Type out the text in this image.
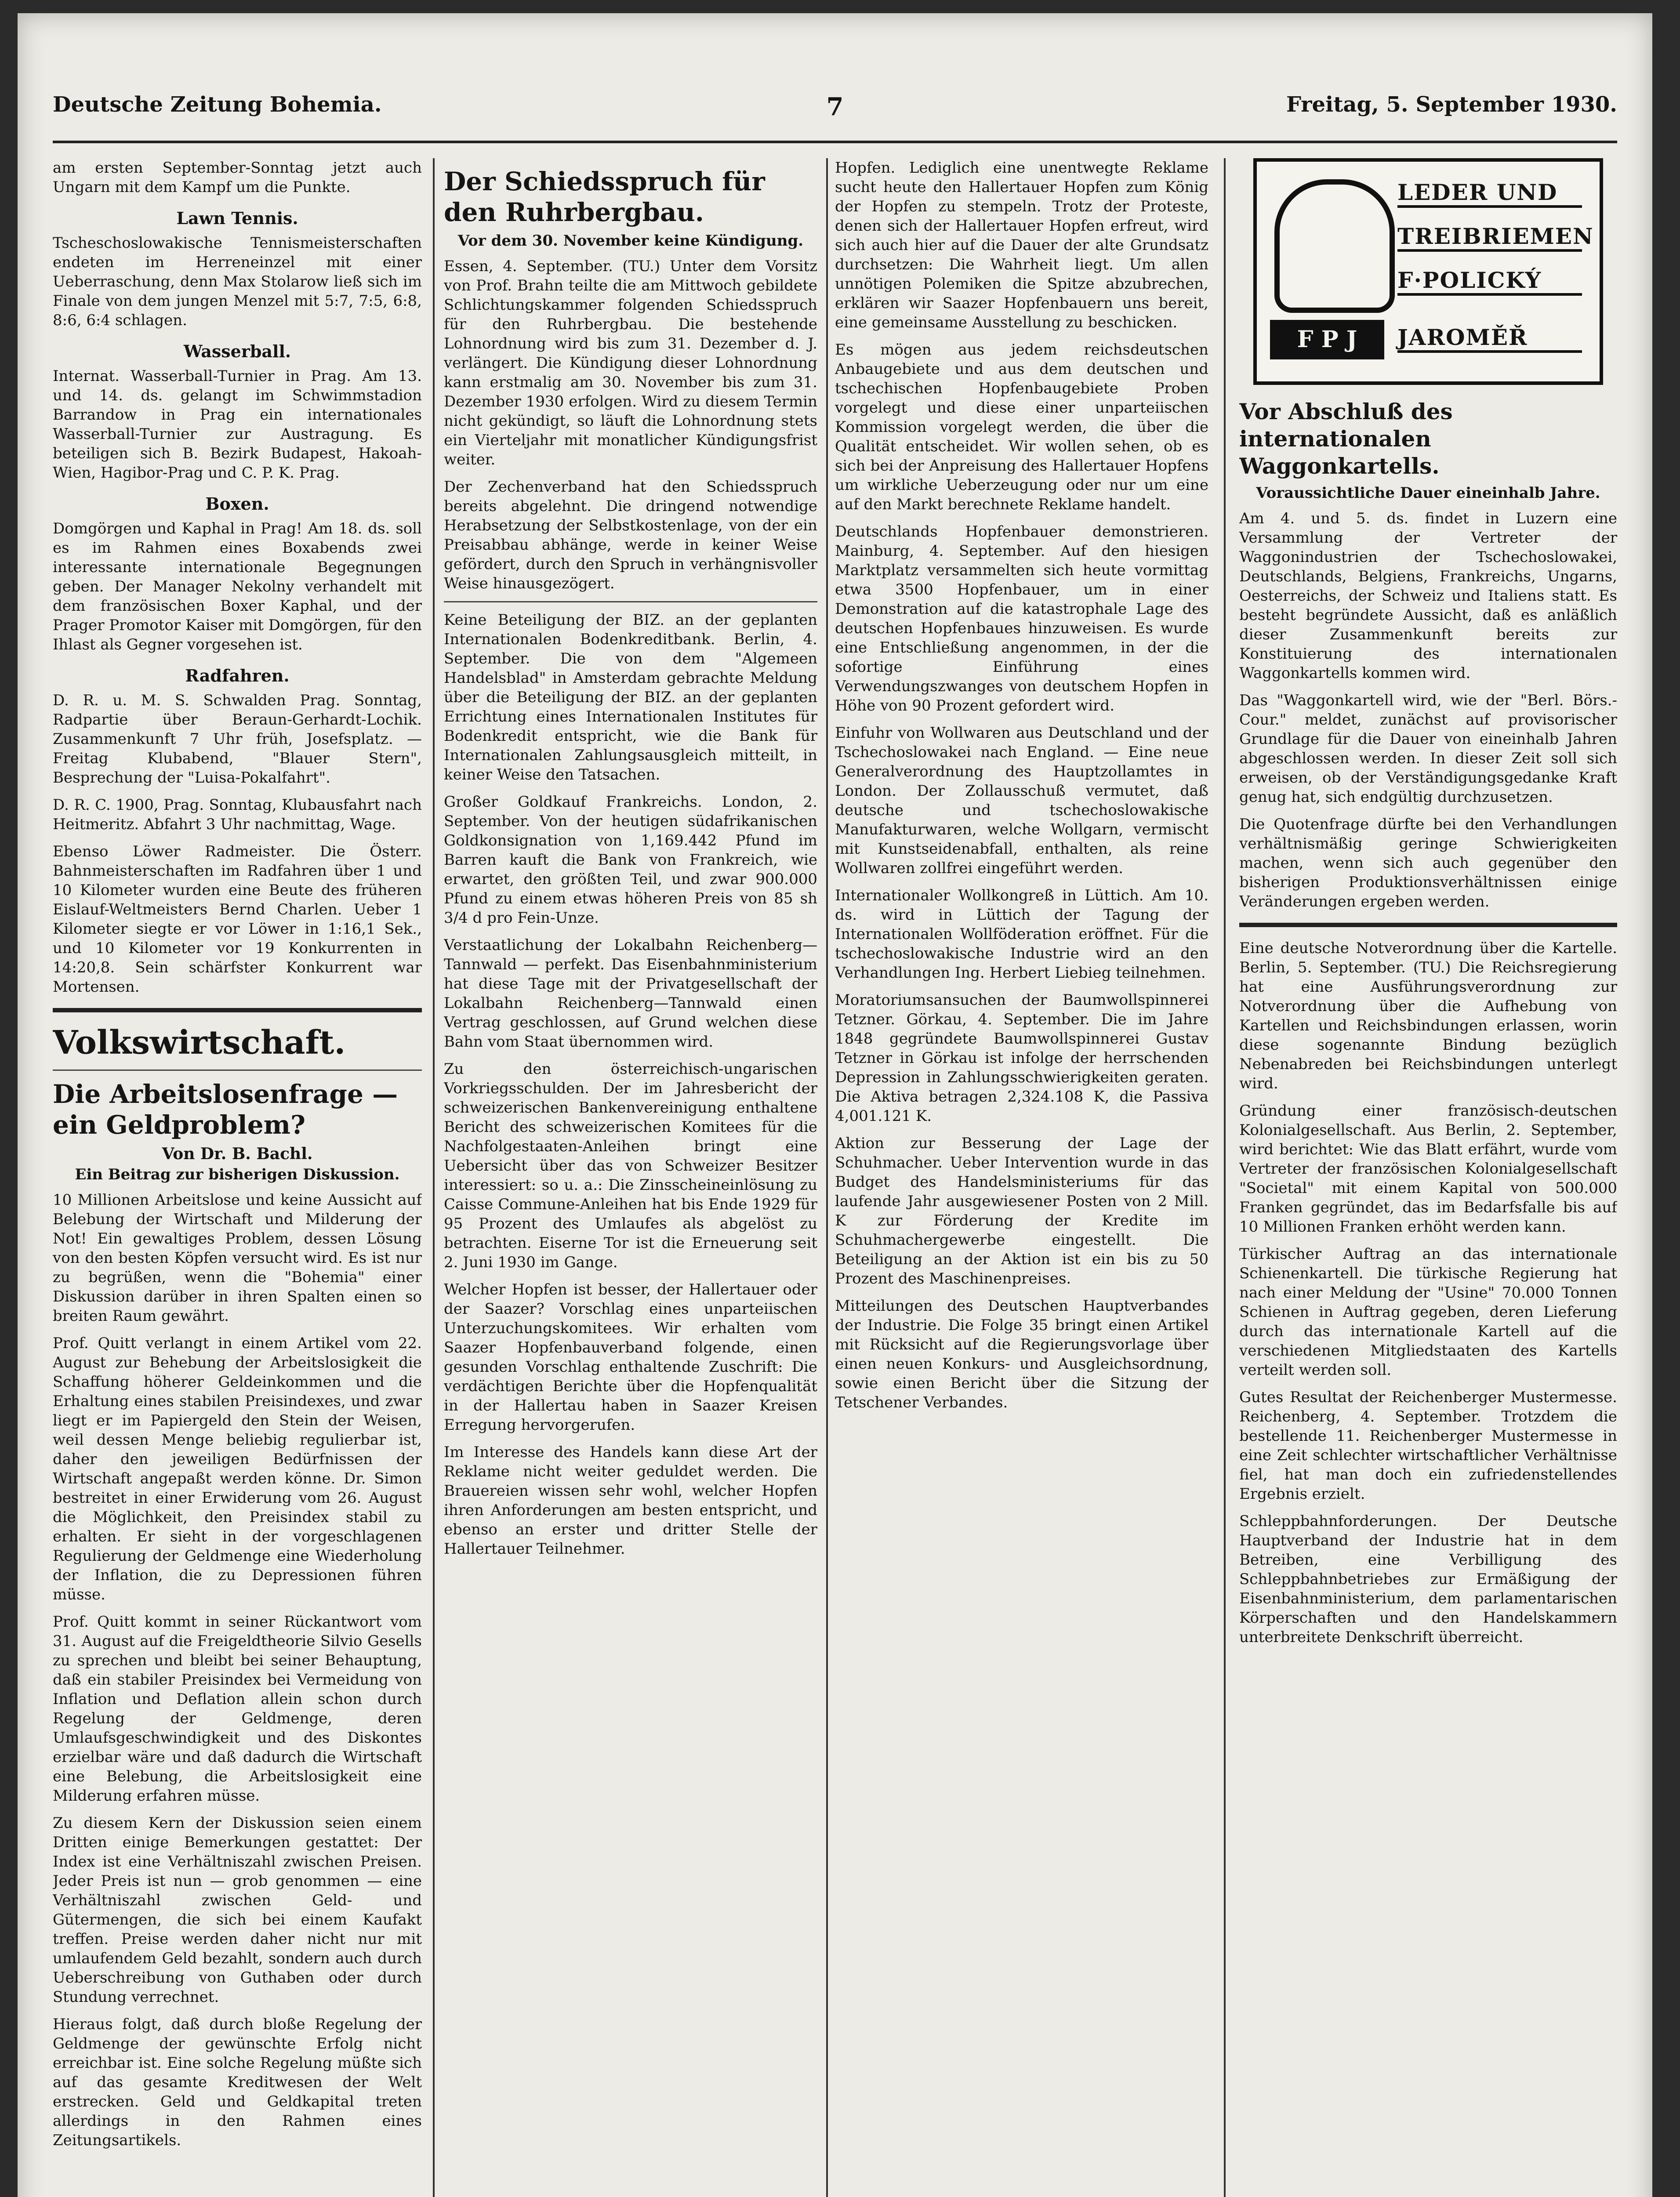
Deutsche Zeitung Bohemia.	7	Freitag, 5. September 1930.

am ersten September-Sonntag jetzt auch Ungarn mit dem Kampf um die Punkte.

Lawn Tennis.

Tscheschoslowakische Tennismeisterschaften endeten im Herreneinzel mit einer Ueberraschung, denn Max Stolarow ließ sich im Finale von dem jungen Menzel mit 5:7, 7:5, 6:8, 8:6, 6:4 schlagen.

Wasserball.

Internat. Wasserball-Turnier in Prag. Am 13. und 14. ds. gelangt im Schwimmstadion Barrandow in Prag ein internationales Wasserball-Turnier zur Austragung. Es beteiligen sich B. Bezirk Budapest, Hakoah-Wien, Hagibor-Prag und C. P. K. Prag.

Boxen.

Domgörgen und Kaphal in Prag! Am 18. ds. soll es im Rahmen eines Boxabends zwei interessante internationale Begegnungen geben. Der Manager Nekolny verhandelt mit dem französischen Boxer Kaphal, und der Prager Promotor Kaiser mit Domgörgen, für den Ihlast als Gegner vorgesehen ist.

Radfahren.

D. R. u. M. S. Schwalden Prag. Sonntag, Radpartie über Beraun-Gerhardt-Lochik. Zusammenkunft 7 Uhr früh, Josefsplatz. — Freitag Klubabend, "Blauer Stern", Besprechung der "Luisa-Pokalfahrt".

D. R. C. 1900, Prag. Sonntag, Klubausfahrt nach Heitmeritz. Abfahrt 3 Uhr nachmittag, Wage.

Ebenso Löwer Radmeister. Die Österr. Bahnmeisterschaften im Radfahren über 1 und 10 Kilometer wurden eine Beute des früheren Eislauf-Weltmeisters Bernd Charlen. Ueber 1 Kilometer siegte er vor Löwer in 1:16,1 Sek., und 10 Kilometer vor 19 Konkurrenten in 14:20,8. Sein schärfster Konkurrent war Mortensen.

Volkswirtschaft.
Die Arbeitslosenfrage — ein Geldproblem?
Von Dr. B. Bachl.
Ein Beitrag zur bisherigen Diskussion.

10 Millionen Arbeitslose und keine Aussicht auf Belebung der Wirtschaft und Milderung der Not! Ein gewaltiges Problem, dessen Lösung von den besten Köpfen versucht wird. Es ist nur zu begrüßen, wenn die "Bohemia" einer Diskussion darüber in ihren Spalten einen so breiten Raum gewährt.

Prof. Quitt verlangt in einem Artikel vom 22. August zur Behebung der Arbeitslosigkeit die Schaffung höherer Geldeinkommen und die Erhaltung eines stabilen Preisindexes, und zwar liegt er im Papiergeld den Stein der Weisen, weil dessen Menge beliebig regulierbar ist, daher den jeweiligen Bedürfnissen der Wirtschaft angepaßt werden könne. Dr. Simon bestreitet in einer Erwiderung vom 26. August die Möglichkeit, den Preisindex stabil zu erhalten. Er sieht in der vorgeschlagenen Regulierung der Geldmenge eine Wiederholung der Inflation, die zu Depressionen führen müsse.

Prof. Quitt kommt in seiner Rückantwort vom 31. August auf die Freigeldtheorie Silvio Gesells zu sprechen und bleibt bei seiner Behauptung, daß ein stabiler Preisindex bei Vermeidung von Inflation und Deflation allein schon durch Regelung der Geldmenge, deren Umlaufsgeschwindigkeit und des Diskontes erzielbar wäre und daß dadurch die Wirtschaft eine Belebung, die Arbeitslosigkeit eine Milderung erfahren müsse.

Zu diesem Kern der Diskussion seien einem Dritten einige Bemerkungen gestattet: Der Index ist eine Verhältniszahl zwischen Preisen. Jeder Preis ist nun — grob genommen — eine Verhältniszahl zwischen Geld- und Gütermengen, die sich bei einem Kaufakt treffen. Preise werden daher nicht nur mit umlaufendem Geld bezahlt, sondern auch durch Ueberschreibung von Guthaben oder durch Stundung verrechnet.

Hieraus folgt, daß durch bloße Regelung der Geldmenge der gewünschte Erfolg nicht erreichbar ist. Eine solche Regelung müßte sich auf das gesamte Kreditwesen der Welt erstrecken. Geld und Geldkapital treten allerdings in den Rahmen eines Zeitungsartikels.

Der Schiedsspruch für den Ruhrbergbau.
Vor dem 30. November keine Kündigung.

Essen, 4. September. (TU.) Unter dem Vorsitz von Prof. Brahn teilte die am Mittwoch gebildete Schlichtungskammer folgenden Schiedsspruch für den Ruhrbergbau. Die bestehende Lohnordnung wird bis zum 31. Dezember d. J. verlängert. Die Kündigung dieser Lohnordnung kann erstmalig am 30. November bis zum 31. Dezember 1930 erfolgen. Wird zu diesem Termin nicht gekündigt, so läuft die Lohnordnung stets ein Vierteljahr mit monatlicher Kündigungsfrist weiter.

Der Zechenverband hat den Schiedsspruch bereits abgelehnt. Die dringend notwendige Herabsetzung der Selbstkostenlage, von der ein Preisabbau abhänge, werde in keiner Weise gefördert, durch den Spruch in verhängnisvoller Weise hinausgezögert.

Keine Beteiligung der BIZ. an der geplanten Internationalen Bodenkreditbank. Berlin, 4. September. Die von dem "Algemeen Handelsblad" in Amsterdam gebrachte Meldung über die Beteiligung der BIZ. an der geplanten Errichtung eines Internationalen Institutes für Bodenkredit entspricht, wie die Bank für Internationalen Zahlungsausgleich mitteilt, in keiner Weise den Tatsachen.

Großer Goldkauf Frankreichs. London, 2. September. Von der heutigen südafrikanischen Goldkonsignation von 1,169.442 Pfund im Barren kauft die Bank von Frankreich, wie erwartet, den größten Teil, und zwar 900.000 Pfund zu einem etwas höheren Preis von 85 sh 3/4 d pro Fein-Unze.

Verstaatlichung der Lokalbahn Reichenberg—Tannwald — perfekt. Das Eisenbahnministerium hat diese Tage mit der Privatgesellschaft der Lokalbahn Reichenberg—Tannwald einen Vertrag geschlossen, auf Grund welchen diese Bahn vom Staat übernommen wird.

Zu den österreichisch-ungarischen Vorkriegsschulden. Der im Jahresbericht der schweizerischen Bankenvereinigung enthaltene Bericht des schweizerischen Komitees für die Nachfolgestaaten-Anleihen bringt eine Uebersicht über das von Schweizer Besitzer interessiert: so u. a.: Die Zinsscheineinlösung zu Caisse Commune-Anleihen hat bis Ende 1929 für 95 Prozent des Umlaufes als abgelöst zu betrachten. Eiserne Tor ist die Erneuerung seit 2. Juni 1930 im Gange.

Welcher Hopfen ist besser, der Hallertauer oder der Saazer? Vorschlag eines unparteiischen Unterzuchungskomitees. Wir erhalten vom Saazer Hopfenbauverband folgende, einen gesunden Vorschlag enthaltende Zuschrift: Die verdächtigen Berichte über die Hopfenqualität in der Hallertau haben in Saazer Kreisen Erregung hervorgerufen.

Im Interesse des Handels kann diese Art der Reklame nicht weiter geduldet werden. Die Brauereien wissen sehr wohl, welcher Hopfen ihren Anforderungen am besten entspricht, und ebenso an erster und dritter Stelle der Hallertauer Teilnehmer.

Hopfen. Lediglich eine unentwegte Reklame sucht heute den Hallertauer Hopfen zum König der Hopfen zu stempeln. Trotz der Proteste, denen sich der Hallertauer Hopfen erfreut, wird sich auch hier auf die Dauer der alte Grundsatz durchsetzen: Die Wahrheit liegt. Um allen unnötigen Polemiken die Spitze abzubrechen, erklären wir Saazer Hopfenbauern uns bereit, eine gemeinsame Ausstellung zu beschicken.

Es mögen aus jedem reichsdeutschen Anbaugebiete und aus dem deutschen und tschechischen Hopfenbaugebiete Proben vorgelegt und diese einer unparteiischen Kommission vorgelegt werden, die über die Qualität entscheidet. Wir wollen sehen, ob es sich bei der Anpreisung des Hallertauer Hopfens um wirkliche Ueberzeugung oder nur um eine auf den Markt berechnete Reklame handelt.

Deutschlands Hopfenbauer demonstrieren. Mainburg, 4. September. Auf den hiesigen Marktplatz versammelten sich heute vormittag etwa 3500 Hopfenbauer, um in einer Demonstration auf die katastrophale Lage des deutschen Hopfenbaues hinzuweisen. Es wurde eine Entschließung angenommen, in der die sofortige Einführung eines Verwendungszwanges von deutschem Hopfen in Höhe von 90 Prozent gefordert wird.

Einfuhr von Wollwaren aus Deutschland und der Tschechoslowakei nach England. — Eine neue Generalverordnung des Hauptzollamtes in London. Der Zollausschuß vermutet, daß deutsche und tschechoslowakische Manufakturwaren, welche Wollgarn, vermischt mit Kunstseidenabfall, enthalten, als reine Wollwaren zollfrei eingeführt werden.

Internationaler Wollkongreß in Lüttich. Am 10. ds. wird in Lüttich der Tagung der Internationalen Wollföderation eröffnet. Für die tschechoslowakische Industrie wird an den Verhandlungen Ing. Herbert Liebieg teilnehmen.

Moratoriumsansuchen der Baumwollspinnerei Tetzner. Görkau, 4. September. Die im Jahre 1848 gegründete Baumwollspinnerei Gustav Tetzner in Görkau ist infolge der herrschenden Depression in Zahlungsschwierigkeiten geraten. Die Aktiva betragen 2,324.108 K, die Passiva 4,001.121 K.

Aktion zur Besserung der Lage der Schuhmacher. Ueber Intervention wurde in das Budget des Handelsministeriums für das laufende Jahr ausgewiesener Posten von 2 Mill. K zur Förderung der Kredite im Schuhmachergewerbe eingestellt. Die Beteiligung an der Aktion ist ein bis zu 50 Prozent des Maschinenpreises.

Mitteilungen des Deutschen Hauptverbandes der Industrie. Die Folge 35 bringt einen Artikel mit Rücksicht auf die Regierungsvorlage über einen neuen Konkurs- und Ausgleichsordnung, sowie einen Bericht über die Sitzung der Tetschener Verbandes.

LEDER UND
TREIBRIEMEN
F·POLICKÝ
F P J	JAROMĚŘ
Vor Abschluß des internationalen Waggonkartells.
Voraussichtliche Dauer eineinhalb Jahre.

Am 4. und 5. ds. findet in Luzern eine Versammlung der Vertreter der Waggonindustrien der Tschechoslowakei, Deutschlands, Belgiens, Frankreichs, Ungarns, Oesterreichs, der Schweiz und Italiens statt. Es besteht begründete Aussicht, daß es anläßlich dieser Zusammenkunft bereits zur Konstituierung des internationalen Waggonkartells kommen wird.

Das "Waggonkartell wird, wie der "Berl. Börs.-Cour." meldet, zunächst auf provisorischer Grundlage für die Dauer von eineinhalb Jahren abgeschlossen werden. In dieser Zeit soll sich erweisen, ob der Verständigungsgedanke Kraft genug hat, sich endgültig durchzusetzen.

Die Quotenfrage dürfte bei den Verhandlungen verhältnismäßig geringe Schwierigkeiten machen, wenn sich auch gegenüber den bisherigen Produktionsverhältnissen einige Veränderungen ergeben werden.

Eine deutsche Notverordnung über die Kartelle. Berlin, 5. September. (TU.) Die Reichsregierung hat eine Ausführungsverordnung zur Notverordnung über die Aufhebung von Kartellen und Reichsbindungen erlassen, worin diese sogenannte Bindung bezüglich Nebenabreden bei Reichsbindungen unterlegt wird.

Gründung einer französisch-deutschen Kolonialgesellschaft. Aus Berlin, 2. September, wird berichtet: Wie das Blatt erfährt, wurde vom Vertreter der französischen Kolonialgesellschaft "Societal" mit einem Kapital von 500.000 Franken gegründet, das im Bedarfsfalle bis auf 10 Millionen Franken erhöht werden kann.

Türkischer Auftrag an das internationale Schienenkartell. Die türkische Regierung hat nach einer Meldung der "Usine" 70.000 Tonnen Schienen in Auftrag gegeben, deren Lieferung durch das internationale Kartell auf die verschiedenen Mitgliedstaaten des Kartells verteilt werden soll.

Gutes Resultat der Reichenberger Mustermesse. Reichenberg, 4. September. Trotzdem die bestellende 11. Reichenberger Mustermesse in eine Zeit schlechter wirtschaftlicher Verhältnisse fiel, hat man doch ein zufriedenstellendes Ergebnis erzielt.

Schleppbahnforderungen. Der Deutsche Hauptverband der Industrie hat in dem Betreiben, eine Verbilligung des Schleppbahnbetriebes zur Ermäßigung der Eisenbahnministerium, dem parlamentarischen Körperschaften und den Handelskammern unterbreitete Denkschrift überreicht.
